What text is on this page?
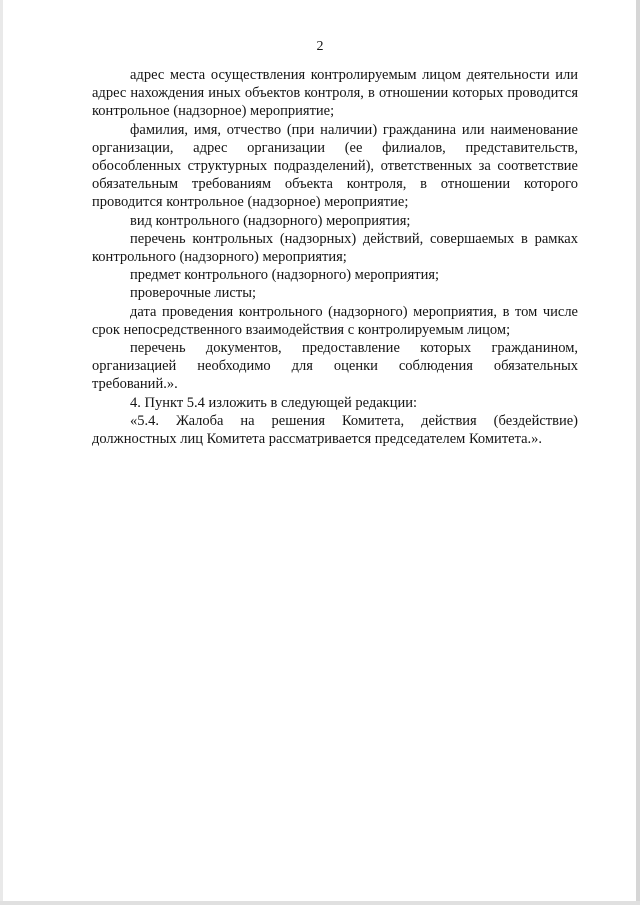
2

адрес места осуществления контролируемым лицом деятельности или адрес нахождения иных объектов контроля, в отношении которых проводится контрольное (надзорное) мероприятие;

фамилия, имя, отчество (при наличии) гражданина или наименование организации, адрес организации (ее филиалов, представительств, обособленных структурных подразделений), ответственных за соответствие обязательным требованиям объекта контроля, в отношении которого проводится контрольное (надзорное) мероприятие;

вид контрольного (надзорного) мероприятия;

перечень контрольных (надзорных) действий, совершаемых в рамках контрольного (надзорного) мероприятия;

предмет контрольного (надзорного) мероприятия;

проверочные листы;

дата проведения контрольного (надзорного) мероприятия, в том числе срок непосредственного взаимодействия с контролируемым лицом;

перечень документов, предоставление которых гражданином, организацией необходимо для оценки соблюдения обязательных требований.».

4. Пункт 5.4 изложить в следующей редакции:

«5.4. Жалоба на решения Комитета, действия (бездействие) должностных лиц Комитета рассматривается председателем Комитета.».
